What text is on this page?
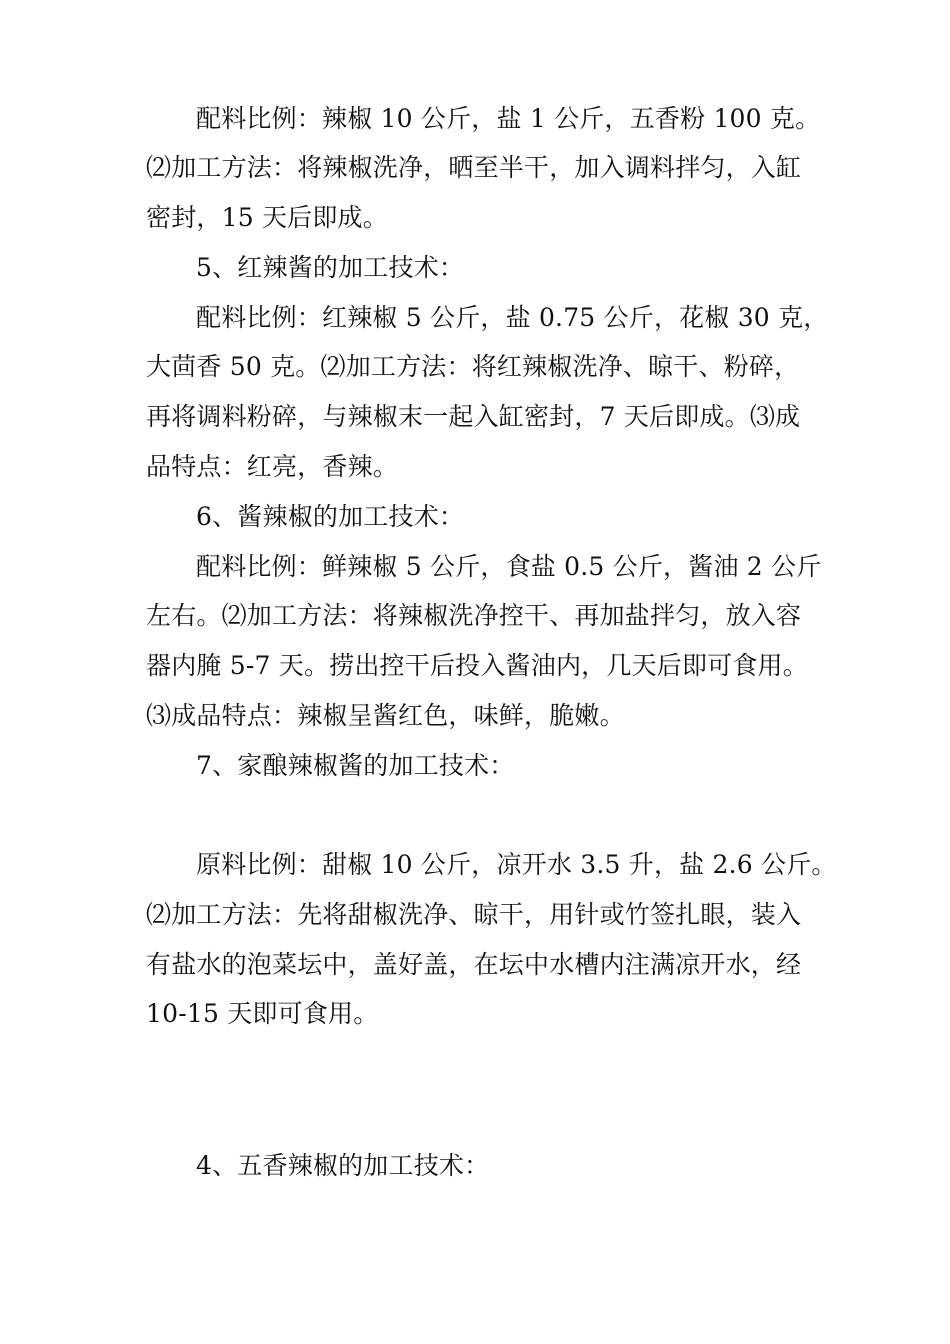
配料比例：辣椒 10 公斤，盐 1 公斤，五香粉 100 克。
⑵加工方法：将辣椒洗净，晒至半干，加入调料拌匀，入缸
密封，15 天后即成。
5、红辣酱的加工技术：
配料比例：红辣椒 5 公斤，盐 0.75 公斤，花椒 30 克，
大茴香 50 克。⑵加工方法：将红辣椒洗净、晾干、粉碎，
再将调料粉碎，与辣椒末一起入缸密封，7 天后即成。⑶成
品特点：红亮，香辣。
6、酱辣椒的加工技术：
配料比例：鲜辣椒 5 公斤，食盐 0.5 公斤，酱油 2 公斤
左右。⑵加工方法：将辣椒洗净控干、再加盐拌匀，放入容
器内腌 5-7 天。捞出控干后投入酱油内，几天后即可食用。
⑶成品特点：辣椒呈酱红色，味鲜，脆嫩。
7、家酿辣椒酱的加工技术：
原料比例：甜椒 10 公斤，凉开水 3.5 升，盐 2.6 公斤。
⑵加工方法：先将甜椒洗净、晾干，用针或竹签扎眼，装入
有盐水的泡菜坛中，盖好盖，在坛中水槽内注满凉开水，经
10-15 天即可食用。
4、五香辣椒的加工技术：
